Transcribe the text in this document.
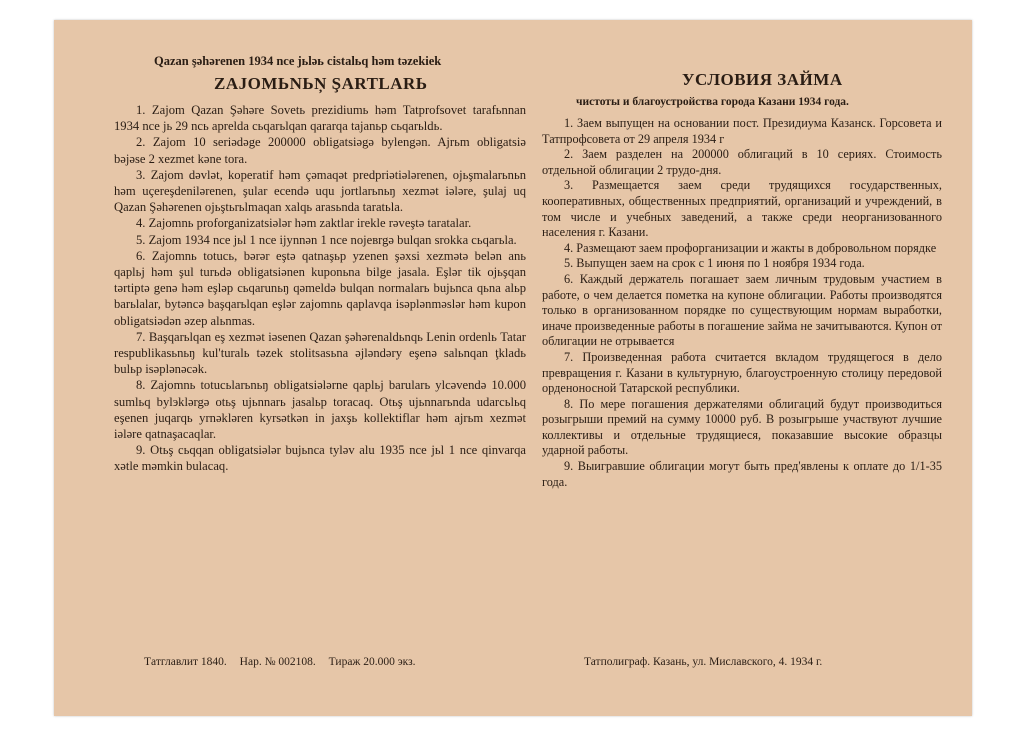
Qazan şəhərenen 1934 nce jьləь cistalьq həm təzekiek
ZAJOMЬNЬŅ ŞARTLARЬ

1. Zajom Qazan Şəhəre Sovetь prezidiumь həm Tatprofsovet tarafьnnan 1934 nce jь 29 ncь aprelda cьqarьlqan qararqa tajanьp cьqarьldь.

2. Zajom 10 seriədəge 200000 obligatsiəgə bylengən. Ajrьm obligatsiə bəjəse 2 xezmet kəne tora.

3. Zajom dəvlət, koperatif həm çəmaqət predpriətiələrenen, ojьşmalarьnьn həm uçereşdenilərenen, şular ecendə uqu jortlarьnьŋ xezmət iələre, şulaj uq Qazan Şəhərenen ojьştьrьlmaqan xalqь arasьnda taratьla.

4. Zajomnь proforganizatsiələr həm zaktlar irekle rəveştə taratalar.

5. Zajom 1934 nce jьl 1 nce ijynnən 1 nce nojeвrgə bulqan srokka cьqarьla.

6. Zajomnь totucь, bərər eştə qatnaşьp yzenen şəxsi xezmətə belən anь qaplьj həm şul turьdə obligatsiənen kuponьna bilge jasala. Eşlər tik ojьşqan tərtiptə genə həm eşləp cьqarunьŋ qəmeldə bulqan normalarь bujьnca qьna alьp barьlalar, bytəncə başqarьlqan eşlər zajomnь qaplavqa isəplənməslər həm kupon obligatsiədən əzep alьnmas.

7. Başqarьlqan eş xezmət iəsenen Qazan şəhərenaldьnqь Lenin ordenlь Tatar respublikasьnьŋ kul'turalь təzek stolitsasьna əjləndəry eşenə salьnqan ţkladь bulьp isəplənəcək.

8. Zajomnь totucьlarьnьŋ obligatsiələrne qaplьj barularь ylcəvendə 10.000 sumlьq bylэklərgə otьş ujьnnarь jasalьp toracaq. Otьş ujьnnarьnda udarcьlьq eşenen juqarqь yrnəkləren kyrsətkən in jaxşь kollektiflar həm ajrьm xezmət iələre qatnaşacaqlar.

9. Otьş cьqqan obligatsiələr bujьnca tyləv alu 1935 nce jьl 1 nce qinvarqa xətle məmkin bulacaq.

Tатглавлит 1840. Нар. № 002108. Тираж 20.000 экз.
УСЛОВИЯ ЗАЙМА
чистоты и благоустройства города Казани 1934 года.

1. Заем выпущен на основании пост. Президиума Казанск. Горсовета и Татпрофсовета от 29 апреля 1934 г

2. Заем разделен на 200000 облигаций в 10 сериях. Стоимость отдельной облигации 2 трудо-дня.

3. Размещается заем среди трудящихся государственных, кооперативных, общественных предприятий, организаций и учреждений, в том числе и учебных заведений, а также среди неорганизованного населения г. Казани.

4. Размещают заем профорганизации и жакты в добровольном порядке

5. Выпущен заем на срок с 1 июня по 1 ноября 1934 года.

6. Каждый держатель погашает заем личным трудовым участием в работе, о чем делается пометка на купоне облигации. Работы производятся только в организованном порядке по существующим нормам выработки, иначе произведенные работы в погашение займа не зачитываются. Купон от облигации не отрывается

7. Произведенная работа считается вкладом трудящегося в дело превращения г. Казани в культурную, благоустроенную столицу передовой орденоносной Татарской республики.

8. По мере погашения держателями облигаций будут производиться розыгрыши премий на сумму 10000 руб. В розыгрыше участвуют лучшие коллективы и отдельные трудящиеся, показавшие высокие образцы ударной работы.

9. Выигравшие облигации могут быть пред'явлены к оплате до 1/1-35 года.

Татполиграф. Казань, ул. Миславского, 4. 1934 г.
